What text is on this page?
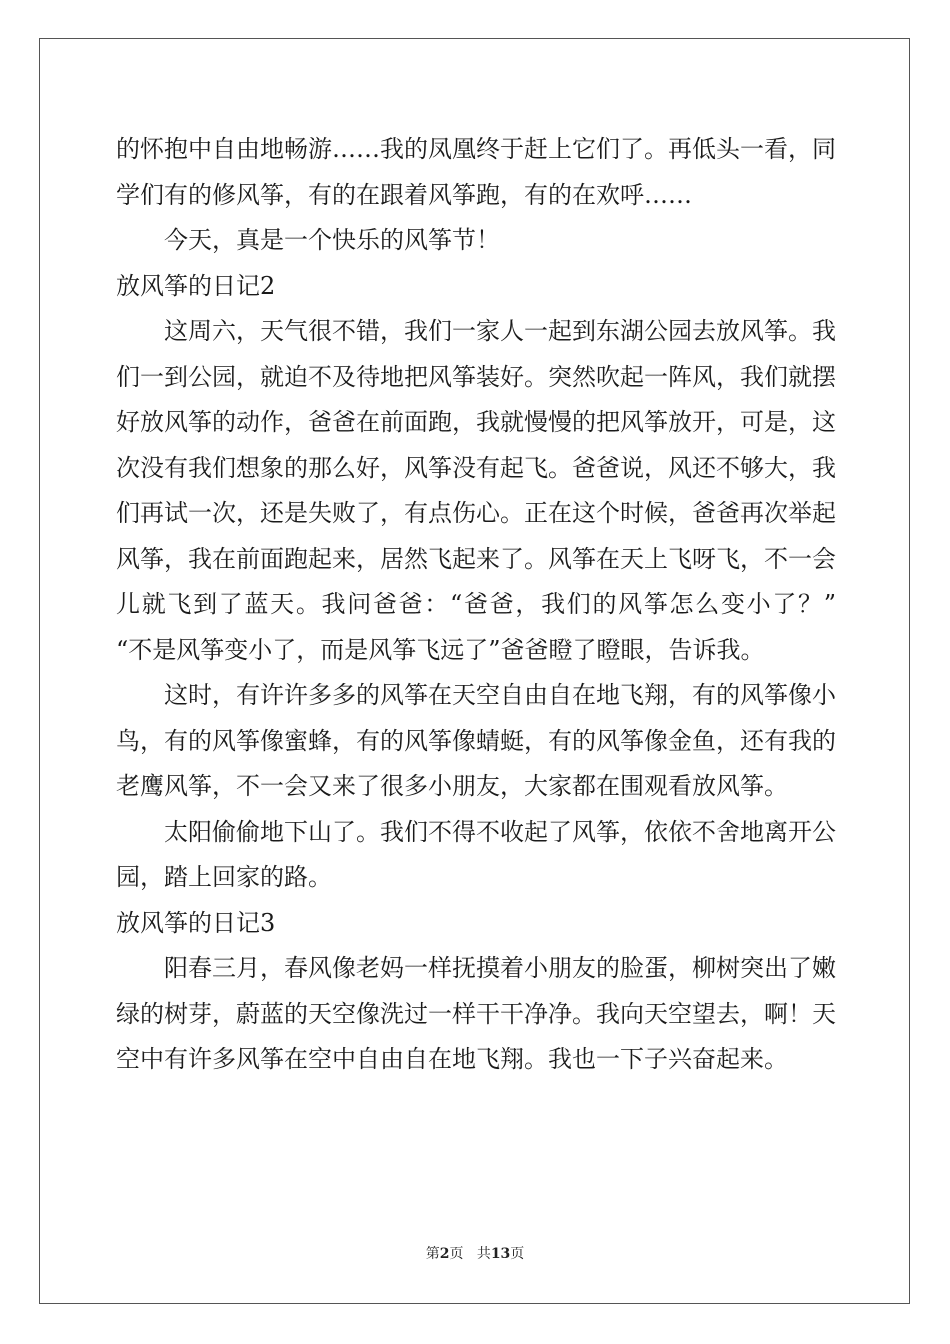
的怀抱中自由地畅游……我的凤凰终于赶上它们了。再低头一看，同
学们有的修风筝，有的在跟着风筝跑，有的在欢呼……
今天，真是一个快乐的风筝节！
放风筝的日记2
这周六，天气很不错，我们一家人一起到东湖公园去放风筝。我
们一到公园，就迫不及待地把风筝装好。突然吹起一阵风，我们就摆
好放风筝的动作，爸爸在前面跑，我就慢慢的把风筝放开，可是，这
次没有我们想象的那么好，风筝没有起飞。爸爸说，风还不够大，我
们再试一次，还是失败了，有点伤心。正在这个时候，爸爸再次举起
风筝，我在前面跑起来，居然飞起来了。风筝在天上飞呀飞，不一会
儿就飞到了蓝天。我问爸爸：“爸爸，我们的风筝怎么变小了？”
“不是风筝变小了，而是风筝飞远了”爸爸瞪了瞪眼，告诉我。
这时，有许许多多的风筝在天空自由自在地飞翔，有的风筝像小
鸟，有的风筝像蜜蜂，有的风筝像蜻蜓，有的风筝像金鱼，还有我的
老鹰风筝，不一会又来了很多小朋友，大家都在围观看放风筝。
太阳偷偷地下山了。我们不得不收起了风筝，依依不舍地离开公
园，踏上回家的路。
放风筝的日记3
阳春三月，春风像老妈一样抚摸着小朋友的脸蛋，柳树突出了嫩
绿的树芽，蔚蓝的天空像洗过一样干干净净。我向天空望去，啊！天
空中有许多风筝在空中自由自在地飞翔。我也一下子兴奋起来。
第2页 共13页
